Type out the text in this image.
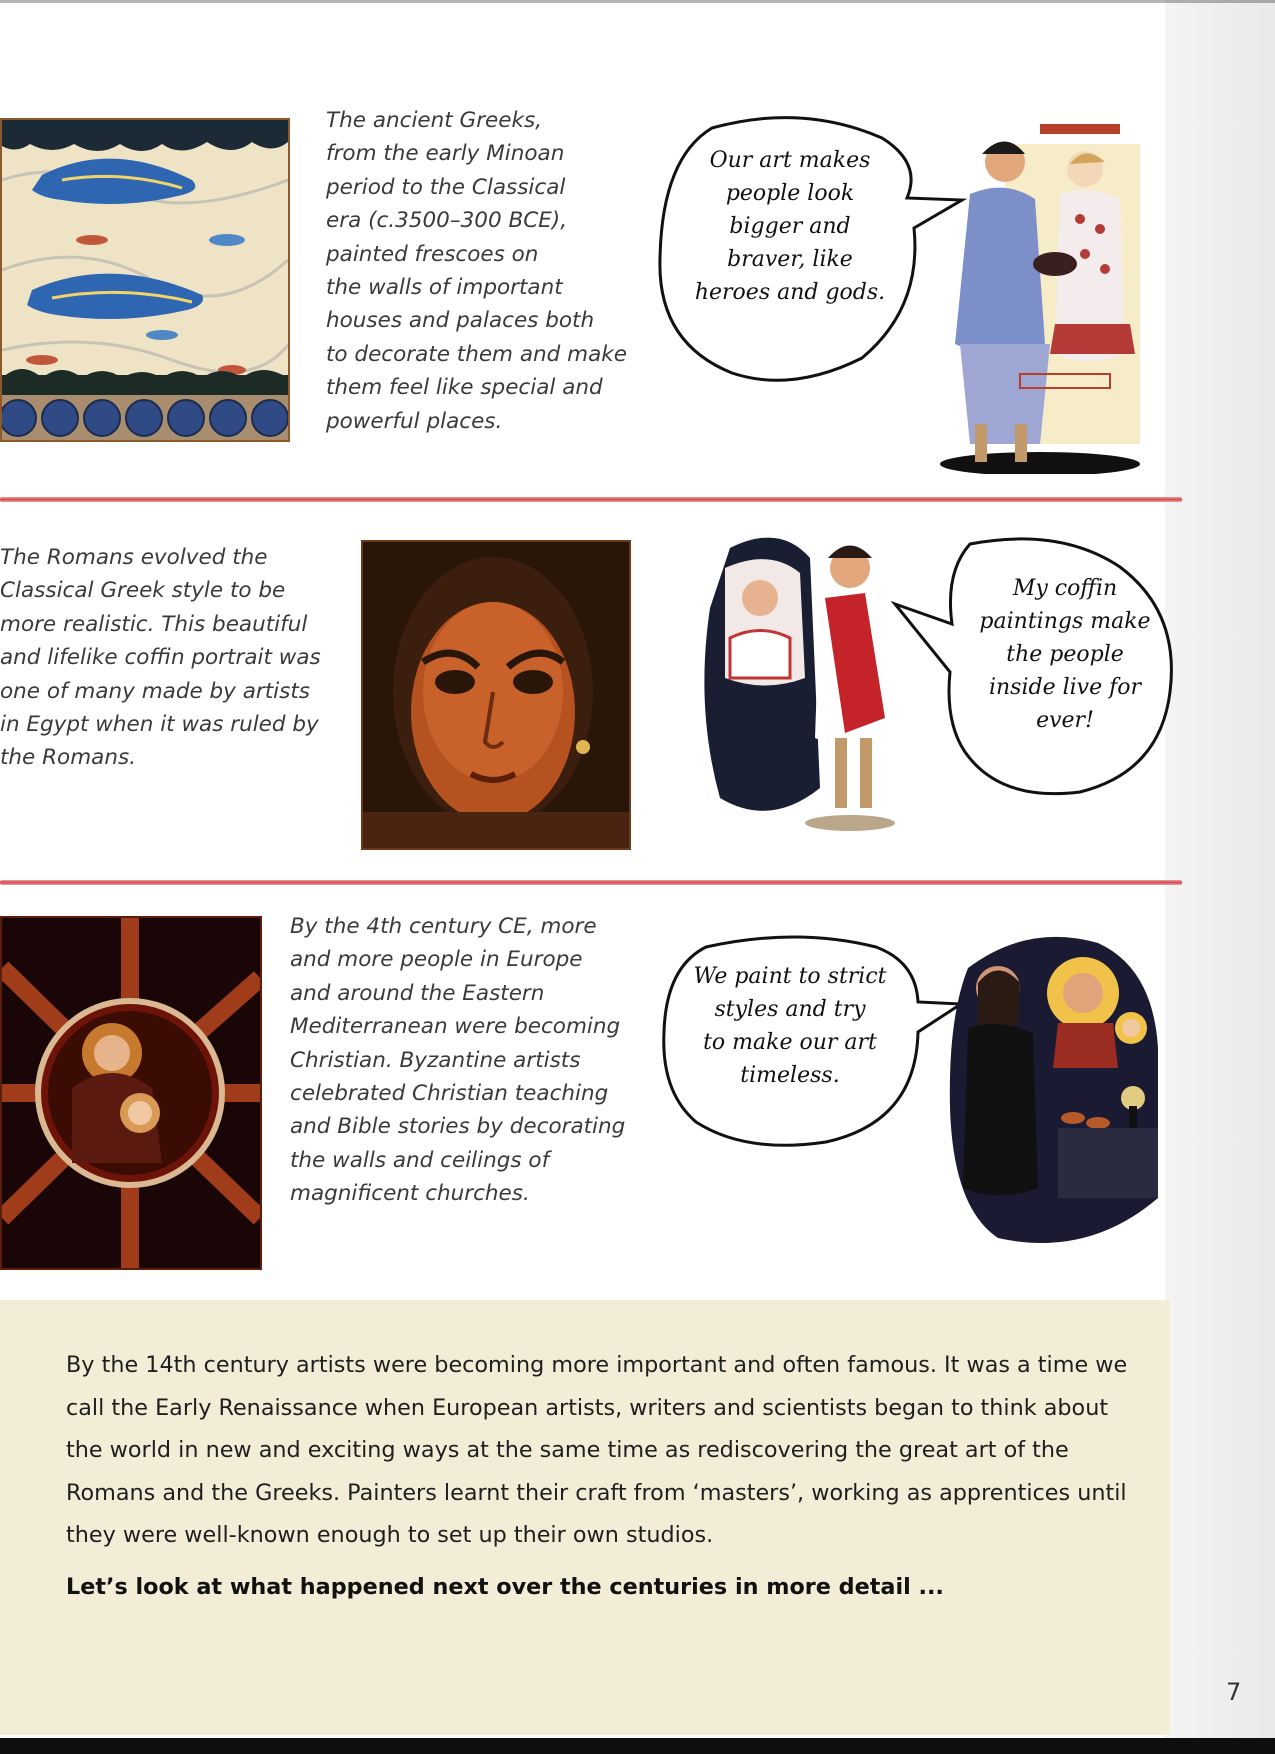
The ancient Greeks,
from the early Minoan
period to the Classical
era (c.3500–300 BCE),
painted frescoes on
the walls of important
houses and palaces both
to decorate them and make
them feel like special and
powerful places.

Our art makes
people look
bigger and
braver, like
heroes and gods.

The Romans evolved the
Classical Greek style to be
more realistic. This beautiful
and lifelike coffin portrait was
one of many made by artists
in Egypt when it was ruled by
the Romans.

My coffin
paintings make
the people
inside live for
ever!

By the 4th century CE, more
and more people in Europe
and around the Eastern
Mediterranean were becoming
Christian. Byzantine artists
celebrated Christian teaching
and Bible stories by decorating
the walls and ceilings of
magnificent churches.

We paint to strict
styles and try
to make our art
timeless.

By the 14th century artists were becoming more important and often famous. It was a time we call the Early Renaissance when European artists, writers and scientists began to think about the world in new and exciting ways at the same time as rediscovering the great art of the Romans and the Greeks. Painters learnt their craft from ‘masters’, working as apprentices until they were well-known enough to set up their own studios.

Let’s look at what happened next over the centuries in more detail ...

7
